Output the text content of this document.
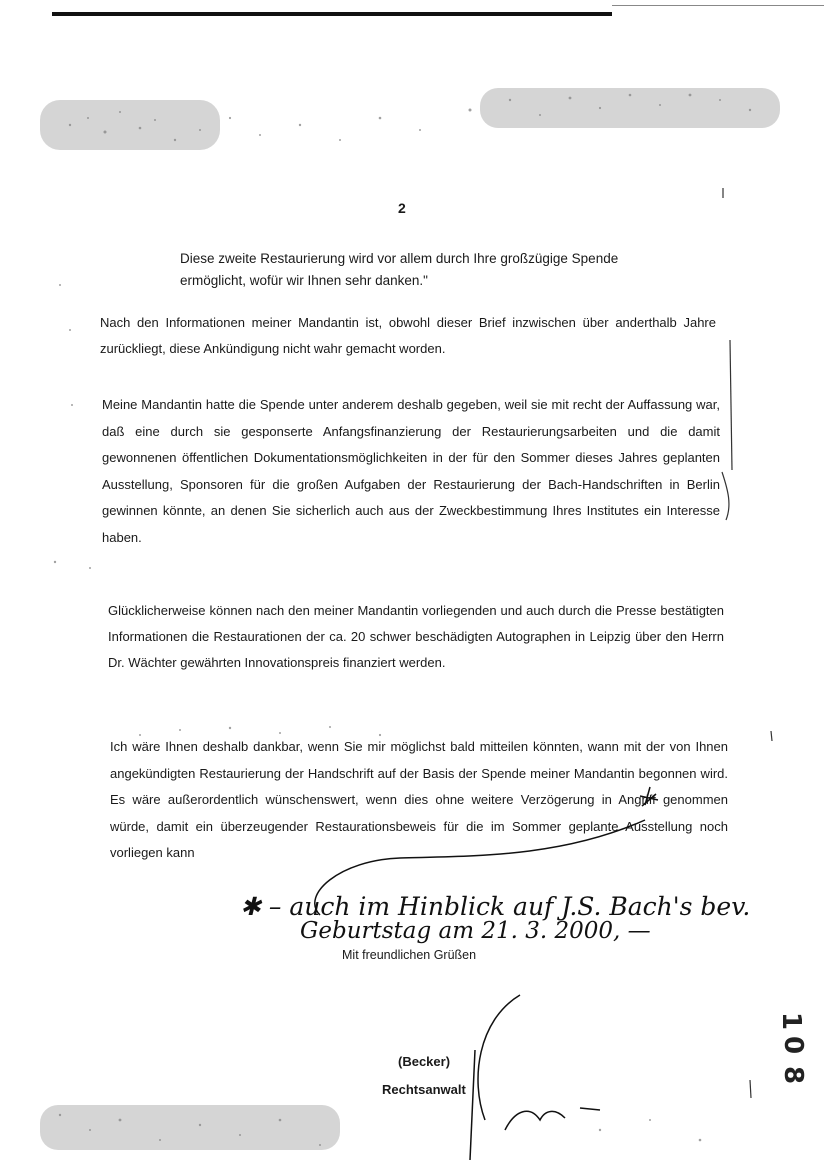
2
Diese zweite Restaurierung wird vor allem durch Ihre großzügige Spende ermöglicht, wofür wir Ihnen sehr danken."
Nach den Informationen meiner Mandantin ist, obwohl dieser Brief inzwischen über anderthalb Jahre zurückliegt, diese Ankündigung nicht wahr gemacht worden.
Meine Mandantin hatte die Spende unter anderem deshalb gegeben, weil sie mit recht der Auffassung war, daß eine durch sie gesponserte Anfangsfinanzierung der Restaurierungsarbeiten und die damit gewonnenen öffentlichen Dokumentationsmöglichkeiten in der für den Sommer dieses Jahres geplanten Ausstellung, Sponsoren für die großen Aufgaben der Restaurierung der Bach-Handschriften in Berlin gewinnen könnte, an denen Sie sicherlich auch aus der Zweckbestimmung Ihres Institutes ein Interesse haben.
Glücklicherweise können nach den meiner Mandantin vorliegenden und auch durch die Presse bestätigten Informationen die Restaurationen der ca. 20 schwer beschädigten Autographen in Leipzig über den Herrn Dr. Wächter gewährten Innovationspreis finanziert werden.
Ich wäre Ihnen deshalb dankbar, wenn Sie mir möglichst bald mitteilen könnten, wann mit der von Ihnen angekündigten Restaurierung der Handschrift auf der Basis der Spende meiner Mandantin begonnen wird. Es wäre außerordentlich wünschenswert, wenn dies ohne weitere Verzögerung in Angriff genommen würde, damit ein überzeugender Restaurationsbeweis für die im Sommer geplante Ausstellung noch vorliegen kann
✱ – auch im Hinblick auf J.S. Bach's bev.
Geburtstag am 21. 3. 2000, —
Mit freundlichen Grüßen
(Becker)
Rechtsanwalt
1
0
8
